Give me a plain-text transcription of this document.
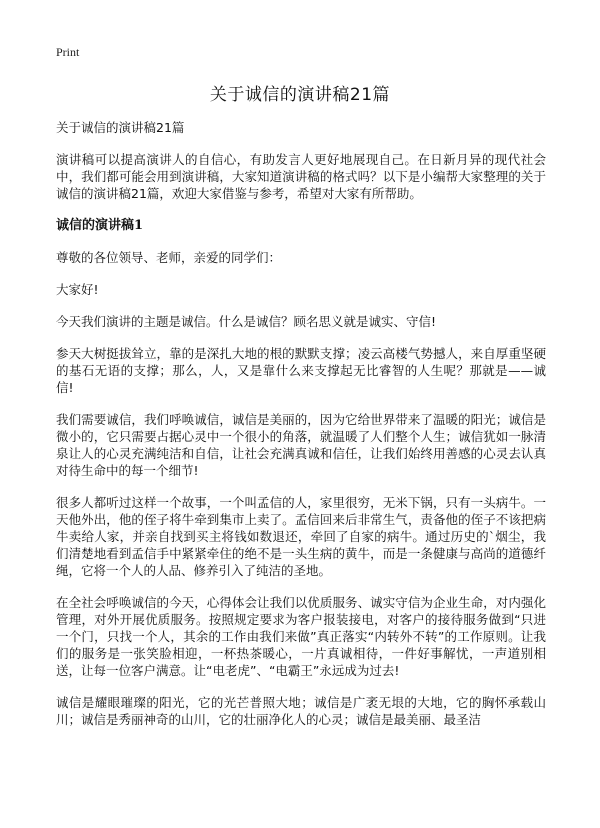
Print
关于诚信的演讲稿21篇

关于诚信的演讲稿21篇

演讲稿可以提高演讲人的自信心，有助发言人更好地展现自己。在日新月异的现代社会中，我们都可能会用到演讲稿，大家知道演讲稿的格式吗？以下是小编帮大家整理的关于诚信的演讲稿21篇，欢迎大家借鉴与参考，希望对大家有所帮助。

诚信的演讲稿1

尊敬的各位领导、老师，亲爱的同学们：

大家好!

今天我们演讲的主题是诚信。什么是诚信？顾名思义就是诚实、守信!

参天大树挺拔耸立，靠的是深扎大地的根的默默支撑；凌云高楼气势撼人，来自厚重坚硬的基石无语的支撑；那么，人，又是靠什么来支撑起无比睿智的人生呢？那就是——诚信!

我们需要诚信，我们呼唤诚信，诚信是美丽的，因为它给世界带来了温暖的阳光；诚信是微小的，它只需要占据心灵中一个很小的角落，就温暖了人们整个人生；诚信犹如一脉清泉让人的心灵充满纯洁和自信，让社会充满真诚和信任，让我们始终用善感的心灵去认真对待生命中的每一个细节!

很多人都听过这样一个故事，一个叫孟信的人，家里很穷，无米下锅，只有一头病牛。一天他外出，他的侄子将牛牵到集市上卖了。孟信回来后非常生气，责备他的侄子不该把病牛卖给人家，并亲自找到买主将钱如数退还，牵回了自家的病牛。通过历史的`烟尘，我们清楚地看到孟信手中紧紧牵住的绝不是一头生病的黄牛，而是一条健康与高尚的道德纤绳，它将一个人的人品、修养引入了纯洁的圣地。

在全社会呼唤诚信的今天，心得体会让我们以优质服务、诚实守信为企业生命，对内强化管理，对外开展优质服务。按照规定要求为客户报装接电，对客户的接待服务做到“只进一个门，只找一个人，其余的工作由我们来做”真正落实“内转外不转”的工作原则。让我们的服务是一张笑脸相迎，一杯热茶暖心，一片真诚相待，一件好事解忧，一声道别相送，让每一位客户满意。让“电老虎”、“电霸王”永远成为过去!

诚信是耀眼璀璨的阳光，它的光芒普照大地；诚信是广袤无垠的大地，它的胸怀承载山川；诚信是秀丽神奇的山川，它的壮丽净化人的心灵；诚信是最美丽、最圣洁
